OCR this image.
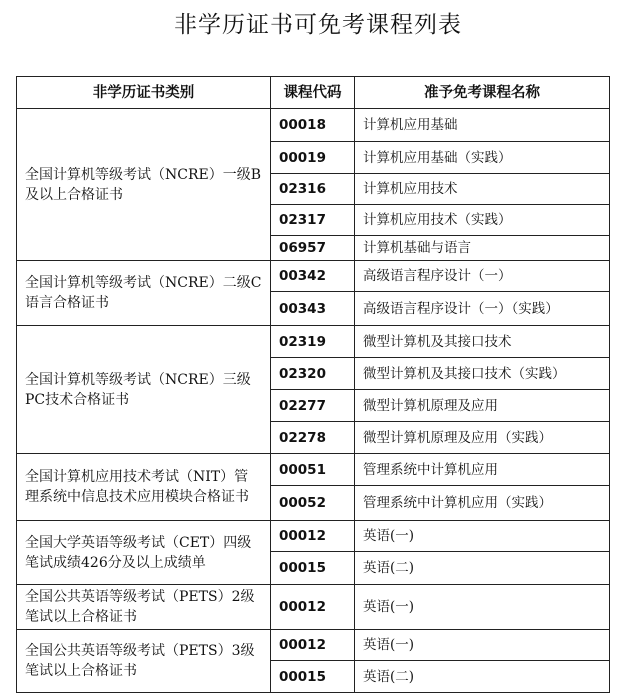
非学历证书可免考课程列表
非学历证书类别	课程代码	准予免考课程名称
全国计算机等级考试（NCRE）一级B及以上合格证书	00018	计算机应用基础
	00019	计算机应用基础（实践）
	02316	计算机应用技术
	02317	计算机应用技术（实践）
	06957	计算机基础与语言
全国计算机等级考试（NCRE）二级C语言合格证书	00342	高级语言程序设计（一）
	00343	高级语言程序设计（一）（实践）
全国计算机等级考试（NCRE）三级PC技术合格证书	02319	微型计算机及其接口技术
	02320	微型计算机及其接口技术（实践）
	02277	微型计算机原理及应用
	02278	微型计算机原理及应用（实践）
全国计算机应用技术考试（NIT）管理系统中信息技术应用模块合格证书	00051	管理系统中计算机应用
	00052	管理系统中计算机应用（实践）
全国大学英语等级考试（CET）四级笔试成绩426分及以上成绩单	00012	英语(一)
	00015	英语(二)
全国公共英语等级考试（PETS）2级笔试以上合格证书	00012	英语(一)
全国公共英语等级考试（PETS）3级笔试以上合格证书	00012	英语(一)
	00015	英语(二)
